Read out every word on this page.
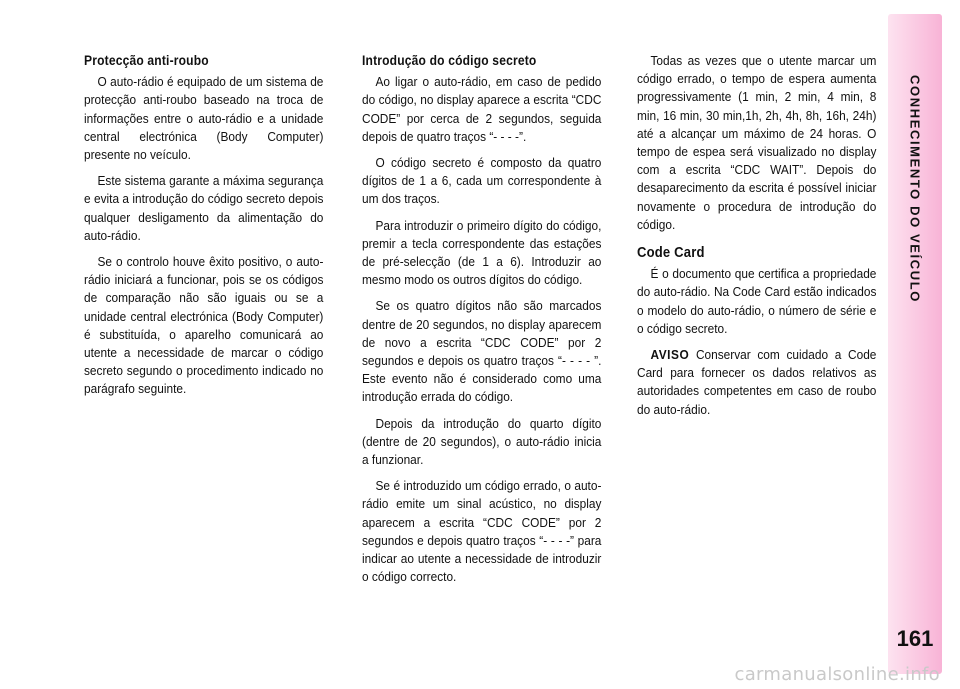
Protecção anti-roubo

O auto-rádio é equipado de um sistema de protecção anti-roubo baseado na troca de informações entre o auto-rádio e a unidade central electrónica (Body Computer) presente no veículo.

Este sistema garante a máxima segurança e evita a introdução do código secreto depois qualquer desligamento da alimentação do auto-rádio.

Se o controlo houve êxito positivo, o auto-rádio iniciará a funcionar, pois se os códigos de comparação não são iguais ou se a unidade central electrónica (Body Computer) é substituída, o aparelho comunicará ao utente a necessidade de marcar o código secreto segundo o procedimento indicado no parágrafo seguinte.

Introdução do código secreto

Ao ligar o auto-rádio, em caso de pedido do código, no display aparece a escrita “CDC CODE” por cerca de 2 segundos, seguida depois de quatro traços “- - - -”.

O código secreto é composto da quatro dígitos de 1 a 6, cada um correspondente à um dos traços.

Para introduzir o primeiro dígito do código, premir a tecla correspondente das estações de pré-selecção (de 1 a 6). Introduzir ao mesmo modo os outros dígitos do código.

Se os quatro dígitos não são marcados dentre de 20 segundos, no display aparecem de novo a escrita “CDC CODE” por 2 segundos e depois os quatro traços “- - - - ”. Este evento não é considerado como uma introdução errada do código.

Depois da introdução do quarto dígito (dentre de 20 segundos), o auto-rádio inicia a funzionar.

Se é introduzido um código errado, o auto-rádio emite um sinal acústico, no display aparecem a escrita “CDC CODE” por 2 segundos e depois quatro traços “- - - -” para indicar ao utente a necessidade de introduzir o código correcto.

Todas as vezes que o utente marcar um código errado, o tempo de espera aumenta progressivamente (1 min, 2 min, 4 min, 8 min, 16 min, 30 min,1h, 2h, 4h, 8h, 16h, 24h) até a alcançar um máximo de 24 horas. O tempo de espea será visualizado no display com a escrita “CDC WAIT”. Depois do desaparecimento da escrita é possível iniciar novamente o procedura de introdução do código.

Code Card

É o documento que certifica a propriedade do auto-rádio. Na Code Card estão indicados o modelo do auto-rádio, o número de série e o código secreto.

AVISO Conservar com cuidado a Code Card para fornecer os dados relativos as autoridades competentes em caso de roubo do auto-rádio.

CONHECIMENTO DO VEÍCULO
161
carmanualsonline.info
